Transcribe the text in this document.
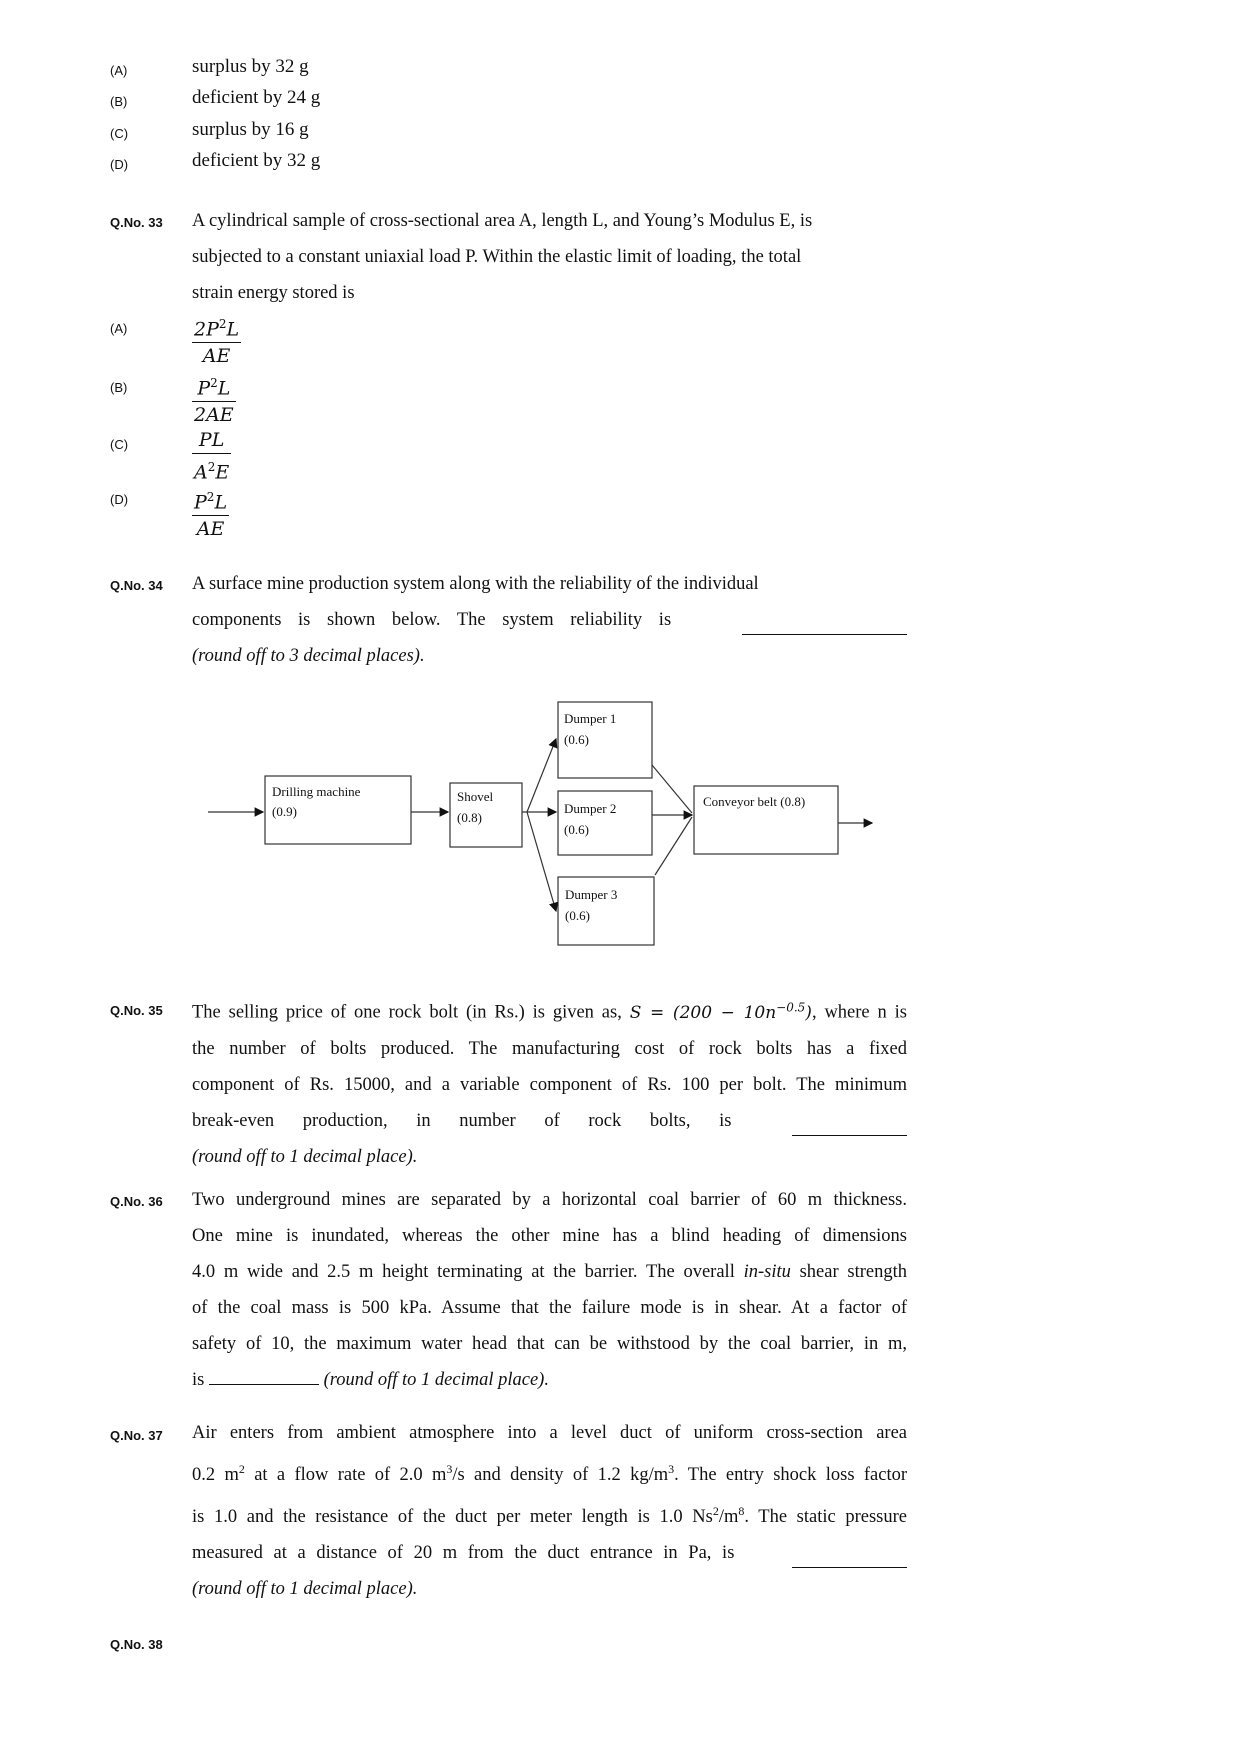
(A)	surplus by 32 g
(B)	deficient by 24 g
(C)	surplus by 16 g
(D)	deficient by 32 g
Q.No. 33 A cylindrical sample of cross-sectional area A, length L, and Young’s Modulus E, is
subjected to a constant uniaxial load P. Within the elastic limit of loading, the total
strain energy stored is
(A)	$\frac{2P^2L}{AE}$
(B)	$\frac{P^2L}{2AE}$
(C)	$\frac{PL}{A^2E}$
(D)	$\frac{P^2L}{AE}$
Q.No. 34 A surface mine production system along with the reliability of the individual
components is shown below. The system reliability is
(round off to 3 decimal places).
Drilling machine
(0.9)
Shovel
(0.8)
Dumper 1
(0.6)
Dumper 2
(0.6)
Dumper 3
(0.6)
Conveyor belt (0.8)
Q.No. 35 The selling price of one rock bolt (in Rs.) is given as, $S = (200 - 10n^{-0.5})$, where n is
the number of bolts produced. The manufacturing cost of rock bolts has a fixed
component of Rs. 15000, and a variable component of Rs. 100 per bolt. The minimum
break-even production, in number of rock bolts, is
(round off to 1 decimal place).
Q.No. 36 Two underground mines are separated by a horizontal coal barrier of 60 m thickness.
One mine is inundated, whereas the other mine has a blind heading of dimensions
4.0 m wide and 2.5 m height terminating at the barrier. The overall in-situ shear strength
of the coal mass is 500 kPa. Assume that the failure mode is in shear. At a factor of
safety of 10, the maximum water head that can be withstood by the coal barrier, in m,
is	(round off to 1 decimal place).
Q.No. 37 Air enters from ambient atmosphere into a level duct of uniform cross-section area
0.2 $m^2$ at a flow rate of 2.0 $m^3/s$ and density of 1.2 $kg/m^3$. The entry shock loss factor
is 1.0 and the resistance of the duct per meter length is 1.0 $Ns^2/m^8$. The static pressure
measured at a distance of 20 m from the duct entrance in Pa, is
(round off to 1 decimal place).
Q.No. 38
